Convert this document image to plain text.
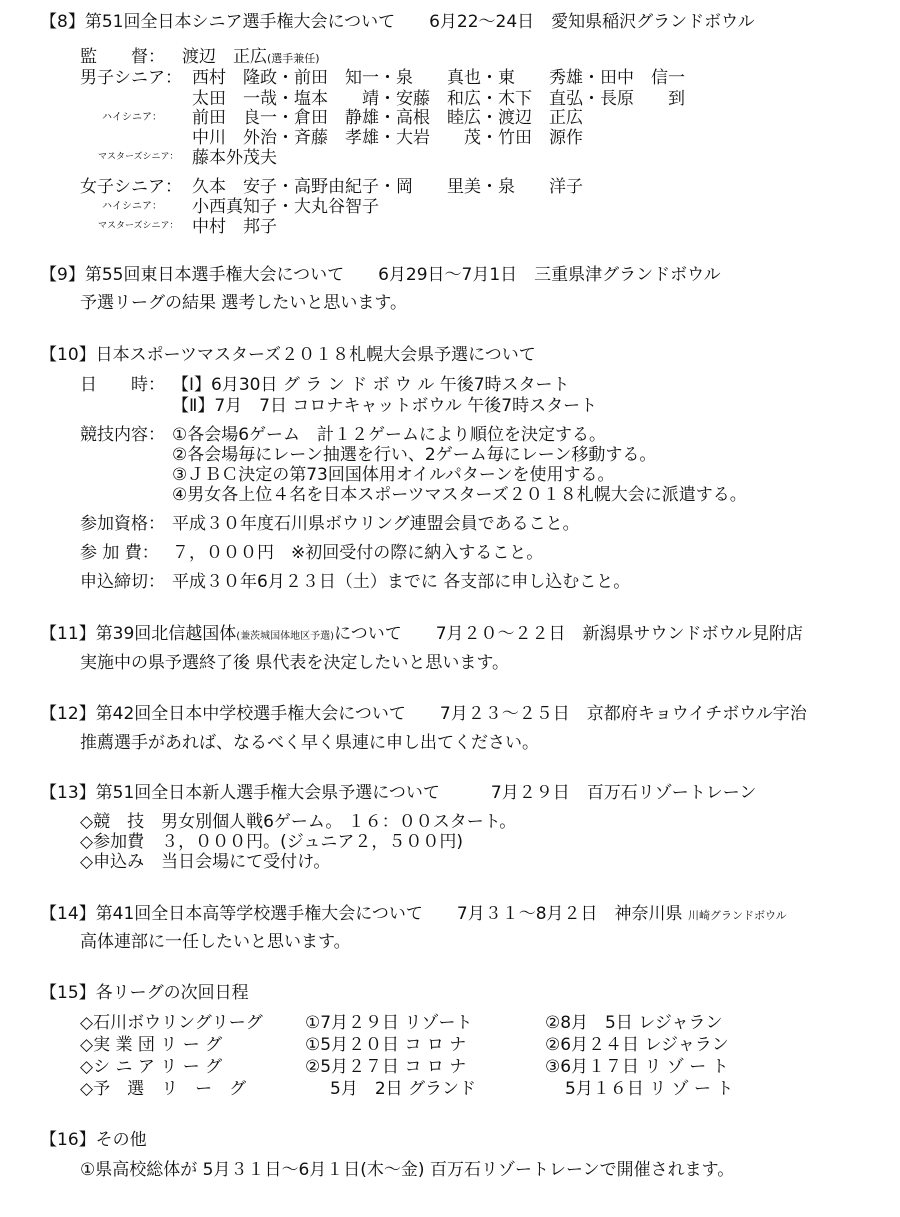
【8】第51回全日本シニア選手権大会について　　6月22～24日　愛知県稲沢グランドボウル
監　　督： 渡辺　正広(選手兼任)
男子シニア： 西村　隆政・前田　知一・泉　　真也・東　　秀雄・田中　信一
太田　一哉・塩本　　靖・安藤　和広・木下　直弘・長原　　到
ハイシニア： 前田　良一・倉田　静雄・高根　睦広・渡辺　正広
中川　外治・斉藤　孝雄・大岩　　茂・竹田　源作
マスターズシニア： 藤本外茂夫
女子シニア： 久本　安子・高野由紀子・岡　　里美・泉　　洋子
ハイシニア： 小西真知子・大丸谷智子
マスターズシニア： 中村　邦子
【9】第55回東日本選手権大会について　　6月29日～7月1日　三重県津グランドボウル
予選リーグの結果 選考したいと思います。
【10】日本スポーツマスターズ２０１８札幌大会県予選について
日　　時： 【Ⅰ】6月30日 グ ラ ン ド ボ ウ ル 午後7時スタート
【Ⅱ】7月　7日 コロナキャットボウル 午後7時スタート
競技内容： ①各会場6ゲーム　計１２ゲームにより順位を決定する。
②各会場毎にレーン抽選を行い、2ゲーム毎にレーン移動する。
③ＪＢＣ決定の第73回国体用オイルパターンを使用する。
④男女各上位４名を日本スポーツマスターズ２０１８札幌大会に派遣する。
参加資格： 平成３０年度石川県ボウリング連盟会員であること。
参 加 費： ７，０００円　※初回受付の際に納入すること。
申込締切： 平成３０年6月２３日（土）までに 各支部に申し込むこと。
【11】第39回北信越国体(兼茨城国体地区予選)について　　7月２０～２２日　新潟県サウンドボウル見附店
実施中の県予選終了後 県代表を決定したいと思います。
【12】第42回全日本中学校選手権大会について　　7月２３～２５日　京都府キョウイチボウル宇治
推薦選手があれば、なるべく早く県連に申し出てください。
【13】第51回全日本新人選手権大会県予選について　　　7月２９日　百万石リゾートレーン
◇競　技　男女別個人戦6ゲーム。 １６：００スタート。
◇参加費　３，０００円。(ジュニア２，５００円)
◇申込み　当日会場にて受付け。
【14】第41回全日本高等学校選手権大会について　　7月３１～8月２日　神奈川県 川崎グランドボウル
高体連部に一任したいと思います。
【15】各リーグの次回日程
◇石川ボウリングリーグ ①7月２９日 リゾート	②8月　5日 レジャラン
◇実 業 団 リ ー グ	①5月２０日 コ ロ ナ	②6月２４日 レジャラン
◇シ ニ ア リ ー グ	②5月２７日 コ ロ ナ	③6月１７日 リ ゾ ー ト
◇予　選　リ　ー　グ	5月　2日 グランド	5月１６日 リ ゾ ー ト
【16】その他
①県高校総体が 5月３１日～6月１日(木～金) 百万石リゾートレーンで開催されます。
